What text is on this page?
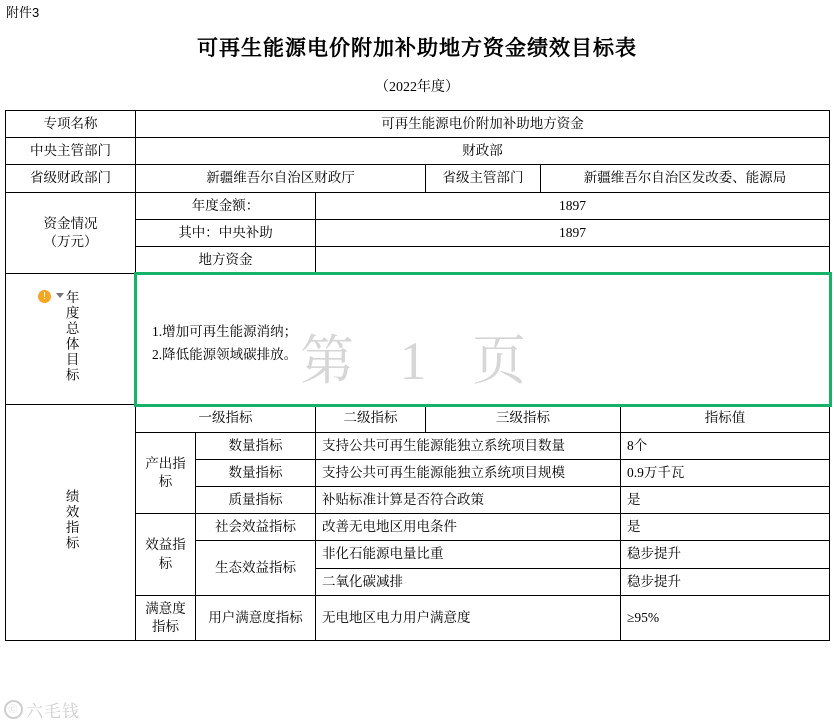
附件3
可再生能源电价附加补助地方资金绩效目标表
（2022年度）
专项名称	可再生能源电价附加补助地方资金					
中央主管部门	财政部					
省级财政部门	新疆维吾尔自治区财政厅			省级主管部门	新疆维吾尔自治区发改委、能源局	

资金情况
（万元）	年度金额：		1897			
	其中：中央补助		1897			
	地方资金					
年度总体目标	1.增加可再生能源消纳；
2.降低能源领域碳排放。					

绩效指标	一级指标		二级指标	三级指标		指标值
	产出指标	数量指标	支持公共可再生能源能独立系统项目数量			8个
		数量指标	支持公共可再生能源能独立系统项目规模			0.9万千瓦
		质量指标	补贴标准计算是否符合政策			是
	效益指标	社会效益指标	改善无电地区用电条件			是

		生态效益指标	非化石能源电量比重			稳步提升
			二氧化碳减排			稳步提升

	满意度指标	用户满意度指标	无电地区电力用户满意度			≥95%
!
第 1 页
Ⓒ 六毛钱
